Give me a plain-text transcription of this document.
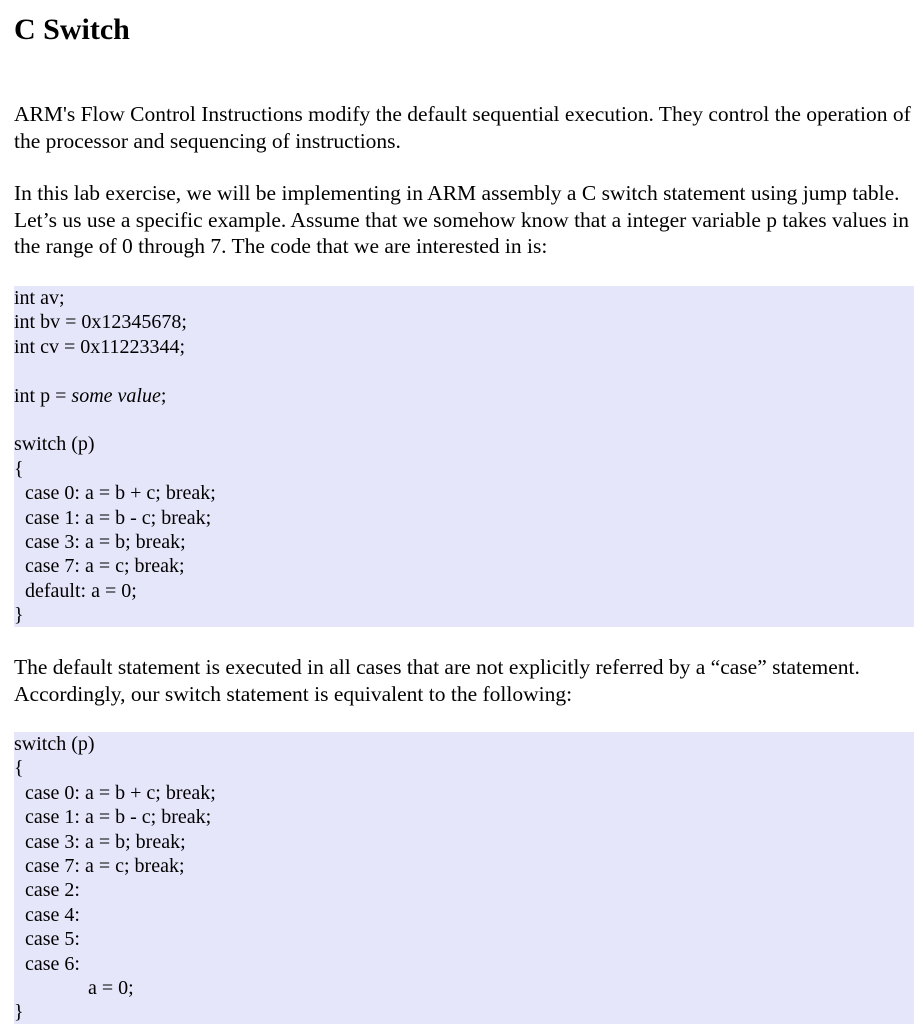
C Switch

ARM's Flow Control Instructions modify the default sequential execution. They control the operation of the processor and sequencing of instructions.

In this lab exercise, we will be implementing in ARM assembly a C switch statement using jump table. Let’s us use a specific example. Assume that we somehow know that a integer variable p takes values in the range of 0 through 7. The code that we are interested in is:

int av;
int bv = 0x12345678;
int cv = 0x11223344;
int p = some value;
switch (p)
{
case 0: a = b + c; break;
case 1: a = b - c; break;
case 3: a = b; break;
case 7: a = c; break;
default: a = 0;
}

The default statement is executed in all cases that are not explicitly referred by a “case” statement. Accordingly, our switch statement is equivalent to the following:

switch (p)
{
case 0: a = b + c; break;
case 1: a = b - c; break;
case 3: a = b; break;
case 7: a = c; break;
case 2:
case 4:
case 5:
case 6:
a = 0;
}
